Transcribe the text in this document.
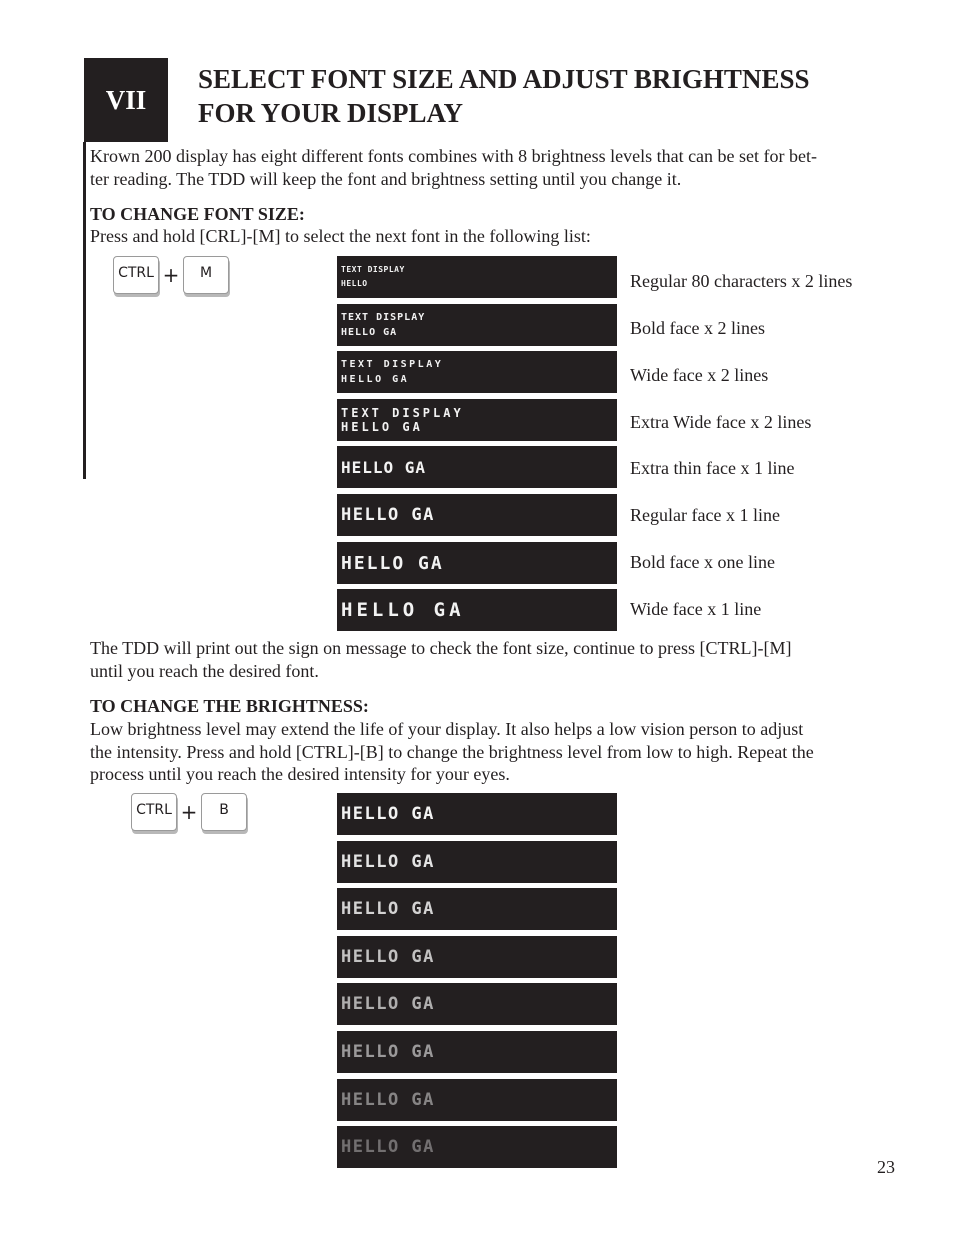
VII
SELECT FONT SIZE AND ADJUST BRIGHTNESS
FOR YOUR DISPLAY

Krown 200 display has eight different fonts combines with 8 brightness levels that can be set for bet-
ter reading. The TDD will keep the font and brightness setting until you change it.

TO CHANGE FONT SIZE:

Press and hold [CRL]-[M] to select the next font in the following list:

CTRL +	M	TEXT DISPLAY
HELLO	Regular 80 characters x 2 lines

TEXT DISPLAY
HELLO GA	Bold face x 2 lines

TEXT DISPLAY
HELLO GA	Wide face x 2 lines

TEXT DISPLAY
HELLO GA	Extra Wide face x 2 lines

HELLO GA	Extra thin face x 1 line

HELLO GA	Regular face x 1 line

HELLO GA	Bold face x one line

HELLO GA	Wide face x 1 line

The TDD will print out the sign on message to check the font size, continue to press [CTRL]-[M]
until you reach the desired font.

TO CHANGE THE BRIGHTNESS:

Low brightness level may extend the life of your display. It also helps a low vision person to adjust
the intensity. Press and hold [CTRL]-[B] to change the brightness level from low to high. Repeat the
process until you reach the desired intensity for your eyes.

CTRL +	B	HELLO GA
HELLO GA
HELLO GA
HELLO GA
HELLO GA
HELLO GA
HELLO GA
HELLO GA
23
